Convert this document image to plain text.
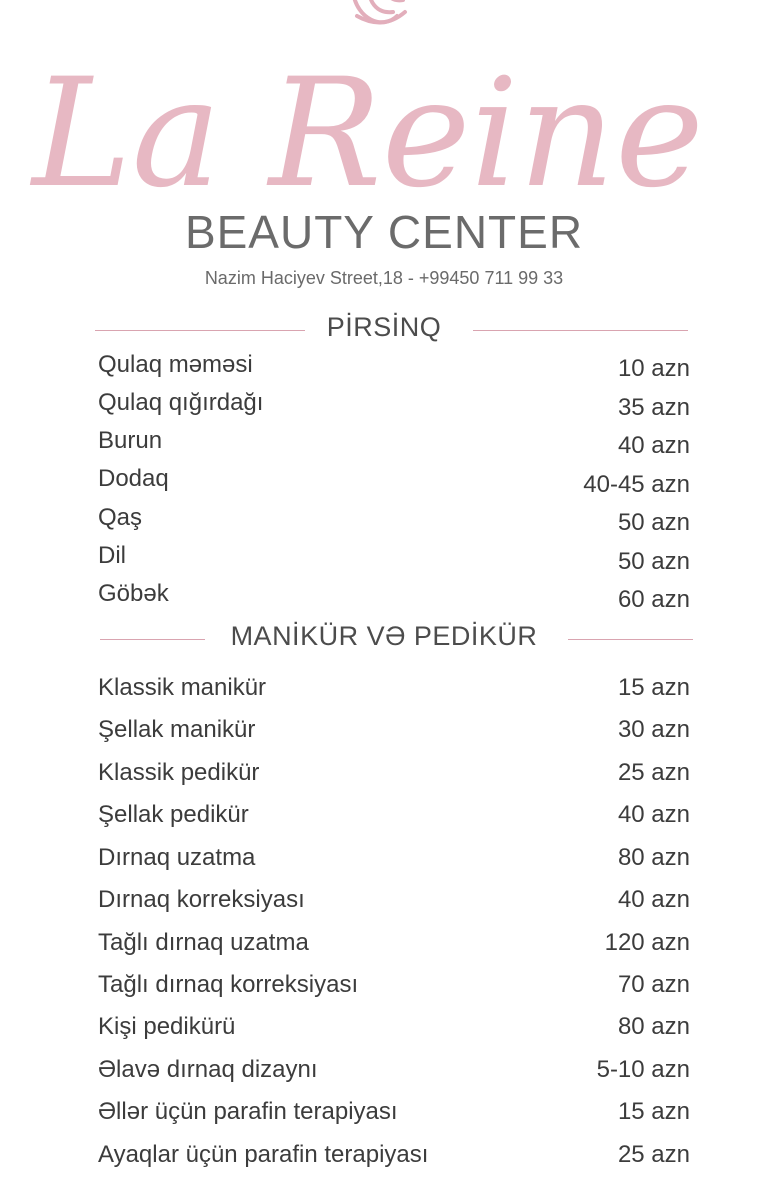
La Reine
BEAUTY CENTER
Nazim Haciyev Street,18 - +99450 711 99 33
PİRSİNQ
Qulaq məməsi	10 azn
Qulaq qığırdağı	35 azn
Burun	40 azn
Dodaq	40-45 azn
Qaş	50 azn
Dil	50 azn
Göbək	60 azn
MANİKÜR VƏ PEDİKÜR
Klassik manikür	15 azn
Şellak manikür	30 azn
Klassik pedikür	25 azn
Şellak pedikür	40 azn
Dırnaq uzatma	80 azn
Dırnaq korreksiyası	40 azn
Tağlı dırnaq uzatma	120 azn
Tağlı dırnaq korreksiyası	70 azn
Kişi pedikürü	80 azn
Əlavə dırnaq dizaynı	5-10 azn
Əllər üçün parafin terapiyası	15 azn
Ayaqlar üçün parafin terapiyası	25 azn
